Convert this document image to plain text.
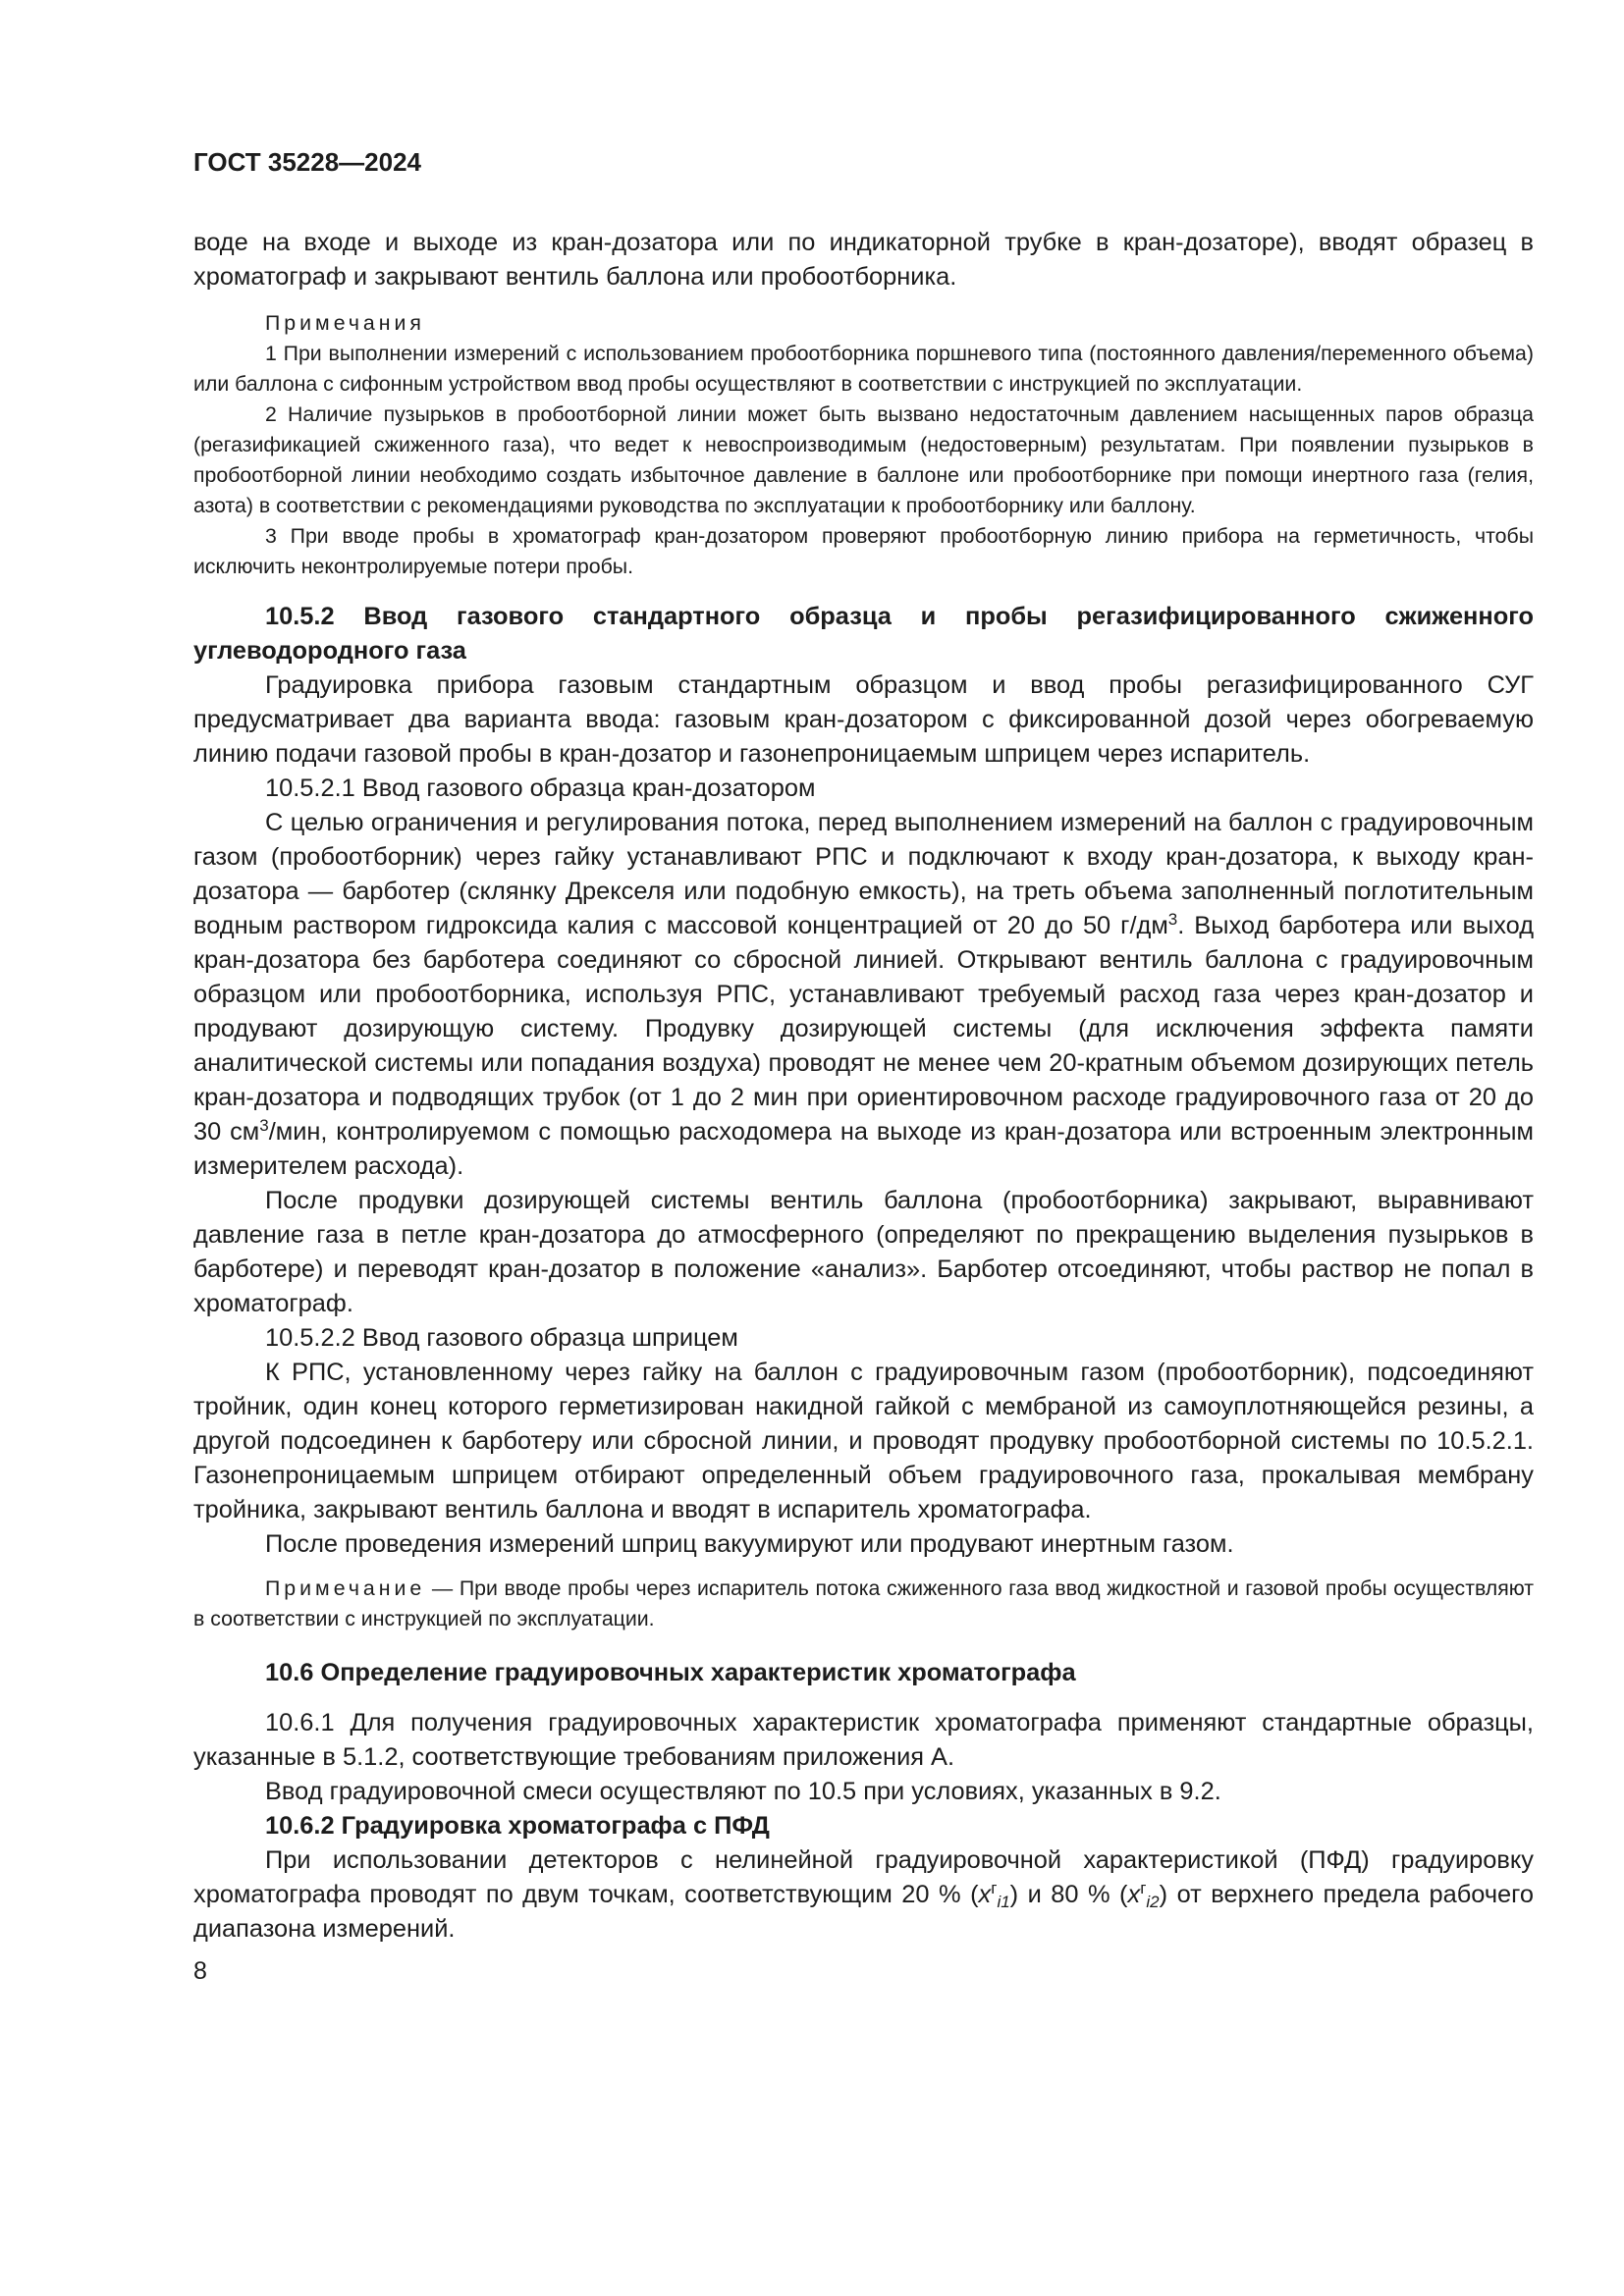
ГОСТ 35228—2024

воде на входе и выходе из кран-дозатора или по индикаторной трубке в кран-дозаторе), вводят образец в хроматограф и закрывают вентиль баллона или пробоотборника.

Примечания

1 При выполнении измерений с использованием пробоотборника поршневого типа (постоянного давления/переменного объема) или баллона с сифонным устройством ввод пробы осуществляют в соответствии с инструкцией по эксплуатации.

2 Наличие пузырьков в пробоотборной линии может быть вызвано недостаточным давлением насыщенных паров образца (регазификацией сжиженного газа), что ведет к невоспроизводимым (недостоверным) результатам. При появлении пузырьков в пробоотборной линии необходимо создать избыточное давление в баллоне или пробоотборнике при помощи инертного газа (гелия, азота) в соответствии с рекомендациями руководства по эксплуатации к пробоотборнику или баллону.

3 При вводе пробы в хроматограф кран-дозатором проверяют пробоотборную линию прибора на герметичность, чтобы исключить неконтролируемые потери пробы.

10.5.2 Ввод газового стандартного образца и пробы регазифицированного сжиженного углеводородного газа

Градуировка прибора газовым стандартным образцом и ввод пробы регазифицированного СУГ предусматривает два варианта ввода: газовым кран-дозатором с фиксированной дозой через обогреваемую линию подачи газовой пробы в кран-дозатор и газонепроницаемым шприцем через испаритель.

10.5.2.1 Ввод газового образца кран-дозатором

С целью ограничения и регулирования потока, перед выполнением измерений на баллон с градуировочным газом (пробоотборник) через гайку устанавливают РПС и подключают к входу кран-дозатора, к выходу кран-дозатора — барботер (склянку Дрекселя или подобную емкость), на треть объема заполненный поглотительным водным раствором гидроксида калия с массовой концентрацией от 20 до 50 $г/дм^3$. Выход барботера или выход кран-дозатора без барботера соединяют со сбросной линией. Открывают вентиль баллона с градуировочным образцом или пробоотборника, используя РПС, устанавливают требуемый расход газа через кран-дозатор и продувают дозирующую систему. Продувку дозирующей системы (для исключения эффекта памяти аналитической системы или попадания воздуха) проводят не менее чем 20-кратным объемом дозирующих петель кран-дозатора и подводящих трубок (от 1 до 2 мин при ориентировочном расходе градуировочного газа от 20 до 30 $см^3$/мин, контролируемом с помощью расходомера на выходе из кран-дозатора или встроенным электронным измерителем расхода).

После продувки дозирующей системы вентиль баллона (пробоотборника) закрывают, выравнивают давление газа в петле кран-дозатора до атмосферного (определяют по прекращению выделения пузырьков в барботере) и переводят кран-дозатор в положение «анализ». Барботер отсоединяют, чтобы раствор не попал в хроматограф.

10.5.2.2 Ввод газового образца шприцем

К РПС, установленному через гайку на баллон с градуировочным газом (пробоотборник), подсоединяют тройник, один конец которого герметизирован накидной гайкой с мембраной из самоуплотняющейся резины, а другой подсоединен к барботеру или сбросной линии, и проводят продувку пробоотборной системы по 10.5.2.1. Газонепроницаемым шприцем отбирают определенный объем градуировочного газа, прокалывая мембрану тройника, закрывают вентиль баллона и вводят в испаритель хроматографа.

После проведения измерений шприц вакуумируют или продувают инертным газом.

Примечание — При вводе пробы через испаритель потока сжиженного газа ввод жидкостной и газовой пробы осуществляют в соответствии с инструкцией по эксплуатации.

10.6 Определение градуировочных характеристик хроматографа

10.6.1 Для получения градуировочных характеристик хроматографа применяют стандартные образцы, указанные в 5.1.2, соответствующие требованиям приложения А.

Ввод градуировочной смеси осуществляют по 10.5 при условиях, указанных в 9.2.

10.6.2 Градуировка хроматографа с ПФД

При использовании детекторов с нелинейной градуировочной характеристикой (ПФД) градуировку хроматографа проводят по двум точкам, соответствующим 20 % $(x^г_{i1})$ и 80 % $(x^г_{i2})$ от верхнего предела рабочего диапазона измерений.

8
